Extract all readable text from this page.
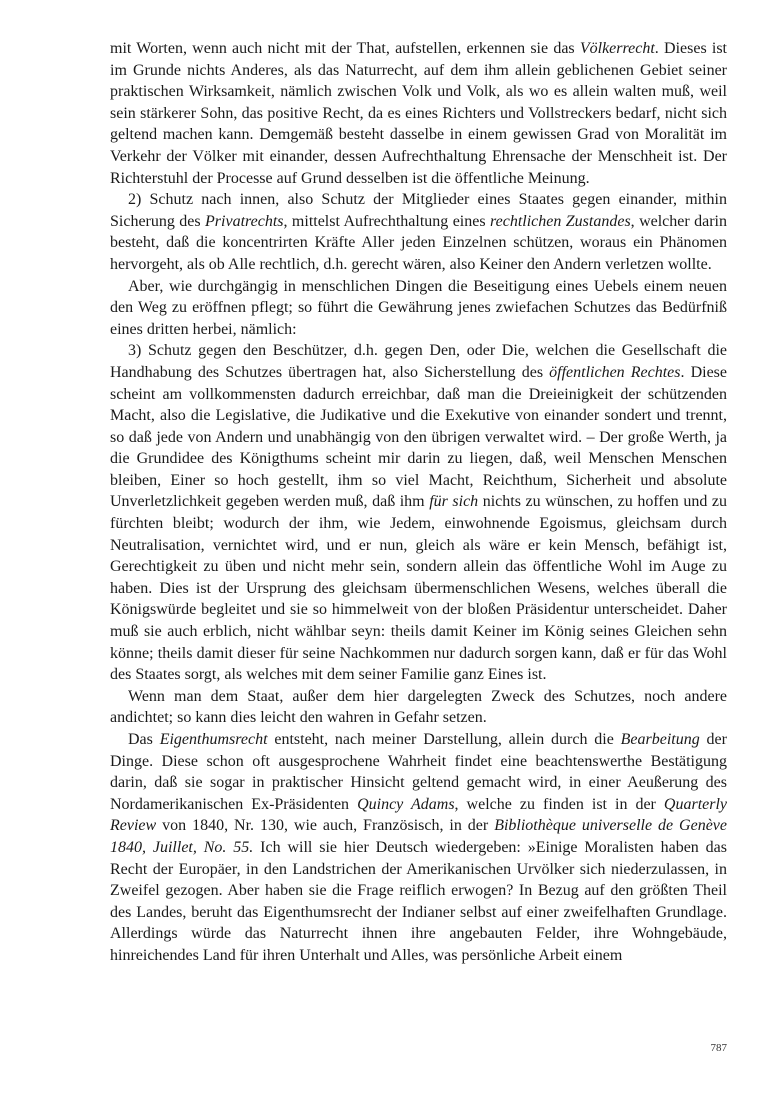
mit Worten, wenn auch nicht mit der That, aufstellen, erkennen sie das Völkerrecht. Dieses ist im Grunde nichts Anderes, als das Naturrecht, auf dem ihm allein geblichenen Gebiet seiner praktischen Wirksamkeit, nämlich zwischen Volk und Volk, als wo es allein walten muß, weil sein stärkerer Sohn, das positive Recht, da es eines Richters und Vollstreckers bedarf, nicht sich geltend machen kann. Demgemäß besteht dasselbe in einem gewissen Grad von Moralität im Verkehr der Völker mit einander, dessen Aufrechthaltung Ehrensache der Menschheit ist. Der Richterstuhl der Processe auf Grund desselben ist die öffentliche Meinung.

2) Schutz nach innen, also Schutz der Mitglieder eines Staates gegen einander, mithin Sicherung des Privatrechts, mittelst Aufrechthaltung eines rechtlichen Zustandes, welcher darin besteht, daß die koncentrirten Kräfte Aller jeden Einzelnen schützen, woraus ein Phänomen hervorgeht, als ob Alle rechtlich, d.h. gerecht wären, also Keiner den Andern verletzen wollte.

Aber, wie durchgängig in menschlichen Dingen die Beseitigung eines Uebels einem neuen den Weg zu eröffnen pflegt; so führt die Gewährung jenes zwiefachen Schutzes das Bedürfniß eines dritten herbei, nämlich:

3) Schutz gegen den Beschützer, d.h. gegen Den, oder Die, welchen die Gesellschaft die Handhabung des Schutzes übertragen hat, also Sicherstellung des öffentlichen Rechtes. Diese scheint am vollkommensten dadurch erreichbar, daß man die Dreieinigkeit der schützenden Macht, also die Legislative, die Judikative und die Exekutive von einander sondert und trennt, so daß jede von Andern und unabhängig von den übrigen verwaltet wird. – Der große Werth, ja die Grundidee des Königthums scheint mir darin zu liegen, daß, weil Menschen Menschen bleiben, Einer so hoch gestellt, ihm so viel Macht, Reichthum, Sicherheit und absolute Unverletzlichkeit gegeben werden muß, daß ihm für sich nichts zu wünschen, zu hoffen und zu fürchten bleibt; wodurch der ihm, wie Jedem, einwohnende Egoismus, gleichsam durch Neutralisation, vernichtet wird, und er nun, gleich als wäre er kein Mensch, befähigt ist, Gerechtigkeit zu üben und nicht mehr sein, sondern allein das öffentliche Wohl im Auge zu haben. Dies ist der Ursprung des gleichsam übermenschlichen Wesens, welches überall die Königswürde begleitet und sie so himmelweit von der bloßen Präsidentur unterscheidet. Daher muß sie auch erblich, nicht wählbar seyn: theils damit Keiner im König seines Gleichen sehn könne; theils damit dieser für seine Nachkommen nur dadurch sorgen kann, daß er für das Wohl des Staates sorgt, als welches mit dem seiner Familie ganz Eines ist.

Wenn man dem Staat, außer dem hier dargelegten Zweck des Schutzes, noch andere andichtet; so kann dies leicht den wahren in Gefahr setzen.

Das Eigenthumsrecht entsteht, nach meiner Darstellung, allein durch die Bearbeitung der Dinge. Diese schon oft ausgesprochene Wahrheit findet eine beachtenswerthe Bestätigung darin, daß sie sogar in praktischer Hinsicht geltend gemacht wird, in einer Aeußerung des Nordamerikanischen Ex-Präsidenten Quincy Adams, welche zu finden ist in der Quarterly Review von 1840, Nr. 130, wie auch, Französisch, in der Bibliothèque universelle de Genève 1840, Juillet, No. 55. Ich will sie hier Deutsch wiedergeben: »Einige Moralisten haben das Recht der Europäer, in den Landstrichen der Amerikanischen Urvölker sich niederzulassen, in Zweifel gezogen. Aber haben sie die Frage reiflich erwogen? In Bezug auf den größten Theil des Landes, beruht das Eigenthumsrecht der Indianer selbst auf einer zweifelhaften Grundlage. Allerdings würde das Naturrecht ihnen ihre angebauten Felder, ihre Wohngebäude, hinreichendes Land für ihren Unterhalt und Alles, was persönliche Arbeit einem

787
